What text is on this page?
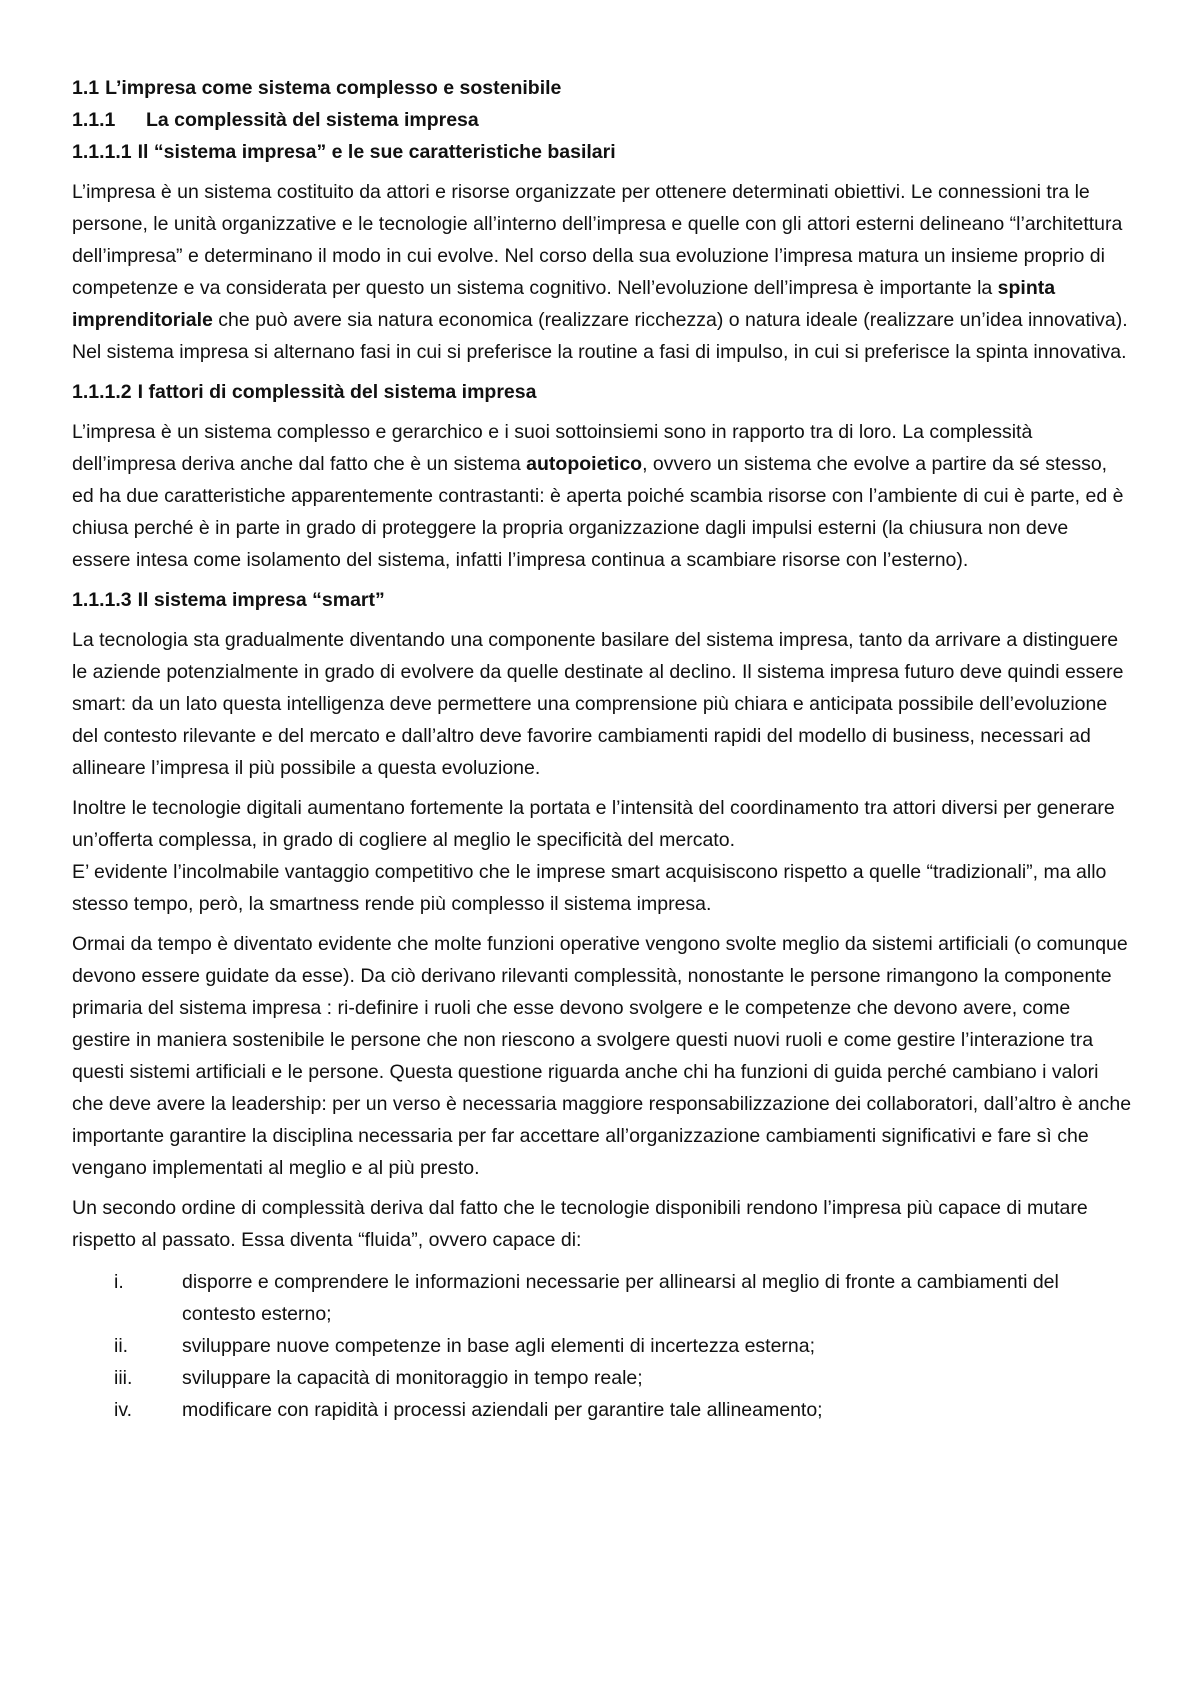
1.1 L’impresa come sistema complesso e sostenibile
1.1.1 La complessità del sistema impresa
1.1.1.1 Il “sistema impresa” e le sue caratteristiche basilari

L’impresa è un sistema costituito da attori e risorse organizzate per ottenere determinati obiettivi. Le connessioni tra le persone, le unità organizzative e le tecnologie all’interno dell’impresa e quelle con gli attori esterni delineano “l’architettura dell’impresa” e determinano il modo in cui evolve. Nel corso della sua evoluzione l’impresa matura un insieme proprio di competenze e va considerata per questo un sistema cognitivo. Nell’evoluzione dell’impresa è importante la spinta imprenditoriale che può avere sia natura economica (realizzare ricchezza) o natura ideale (realizzare un’idea innovativa). Nel sistema impresa si alternano fasi in cui si preferisce la routine a fasi di impulso, in cui si preferisce la spinta innovativa.

1.1.1.2 I fattori di complessità del sistema impresa

L’impresa è un sistema complesso e gerarchico e i suoi sottoinsiemi sono in rapporto tra di loro. La complessità dell’impresa deriva anche dal fatto che è un sistema autopoietico, ovvero un sistema che evolve a partire da sé stesso, ed ha due caratteristiche apparentemente contrastanti: è aperta poiché scambia risorse con l’ambiente di cui è parte, ed è chiusa perché è in parte in grado di proteggere la propria organizzazione dagli impulsi esterni (la chiusura non deve essere intesa come isolamento del sistema, infatti l’impresa continua a scambiare risorse con l’esterno).

1.1.1.3 Il sistema impresa “smart”

La tecnologia sta gradualmente diventando una componente basilare del sistema impresa, tanto da arrivare a distinguere le aziende potenzialmente in grado di evolvere da quelle destinate al declino. Il sistema impresa futuro deve quindi essere smart: da un lato questa intelligenza deve permettere una comprensione più chiara e anticipata possibile dell’evoluzione del contesto rilevante e del mercato e dall’altro deve favorire cambiamenti rapidi del modello di business, necessari ad allineare l’impresa il più possibile a questa evoluzione.

Inoltre le tecnologie digitali aumentano fortemente la portata e l’intensità del coordinamento tra attori diversi per generare un’offerta complessa, in grado di cogliere al meglio le specificità del mercato.

E’ evidente l’incolmabile vantaggio competitivo che le imprese smart acquisiscono rispetto a quelle “tradizionali”, ma allo stesso tempo, però, la smartness rende più complesso il sistema impresa.

Ormai da tempo è diventato evidente che molte funzioni operative vengono svolte meglio da sistemi artificiali (o comunque devono essere guidate da esse). Da ciò derivano rilevanti complessità, nonostante le persone rimangono la componente primaria del sistema impresa : ri-definire i ruoli che esse devono svolgere e le competenze che devono avere, come gestire in maniera sostenibile le persone che non riescono a svolgere questi nuovi ruoli e come gestire l’interazione tra questi sistemi artificiali e le persone. Questa questione riguarda anche chi ha funzioni di guida perché cambiano i valori che deve avere la leadership: per un verso è necessaria maggiore responsabilizzazione dei collaboratori, dall’altro è anche importante garantire la disciplina necessaria per far accettare all’organizzazione cambiamenti significativi e fare sì che vengano implementati al meglio e al più presto.

Un secondo ordine di complessità deriva dal fatto che le tecnologie disponibili rendono l’impresa più capace di mutare rispetto al passato. Essa diventa “fluida”, ovvero capace di:

i.	disporre e comprendere le informazioni necessarie per allinearsi al meglio di fronte a cambiamenti del contesto esterno;
ii.	sviluppare nuove competenze in base agli elementi di incertezza esterna;
iii.	sviluppare la capacità di monitoraggio in tempo reale;
iv.	modificare con rapidità i processi aziendali per garantire tale allineamento;
